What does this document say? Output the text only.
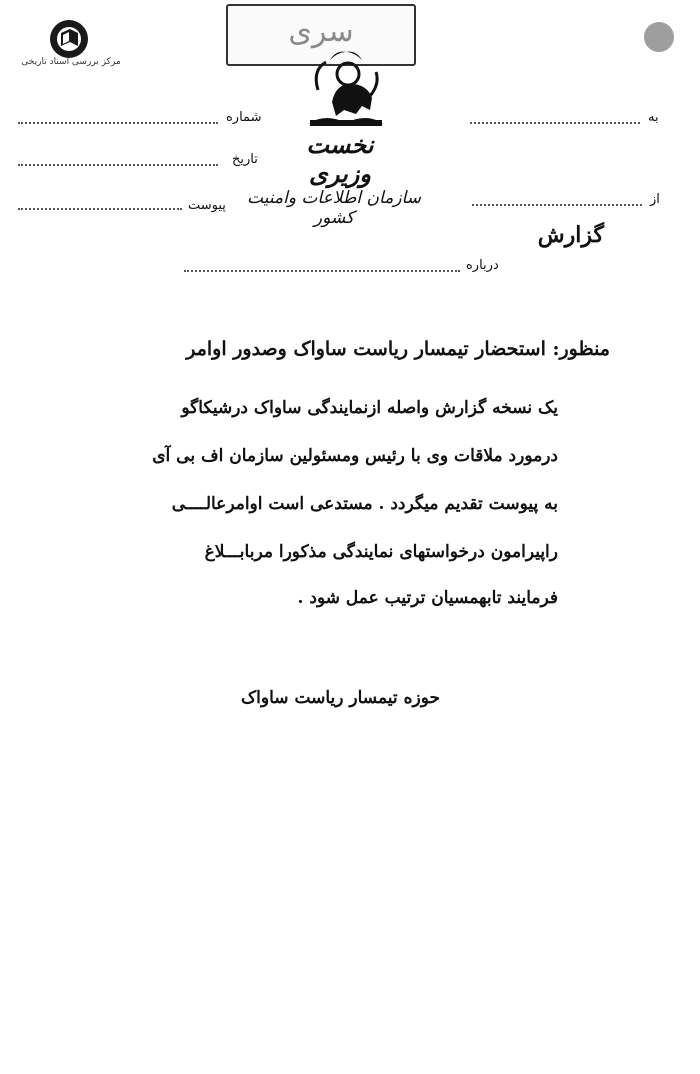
مرکز بررسی اسناد تاریخی
سری
نخست وزیری
سازمان اطلاعات وامنیت کشور
به
از
شماره
تاریخ
پیوست
گزارش
درباره
منظور: استحضار تیمسار ریاست ساواک وصدور اوامر
یک نسخه گزارش واصله ازنمایندگی ساواک درشیکاگو
درمورد ملاقات وی با رئیس ومسئولین سازمان اف بی آی
به پیوست تقدیم میگردد . مستدعی است اوامرعالــــی
راپیرامون درخواستهای نمایندگی مذکورا مربابـــلاغ
فرمایند تابهمسیان ترتیب عمل شود .
حوزه تیمسار ریاست ساواک
